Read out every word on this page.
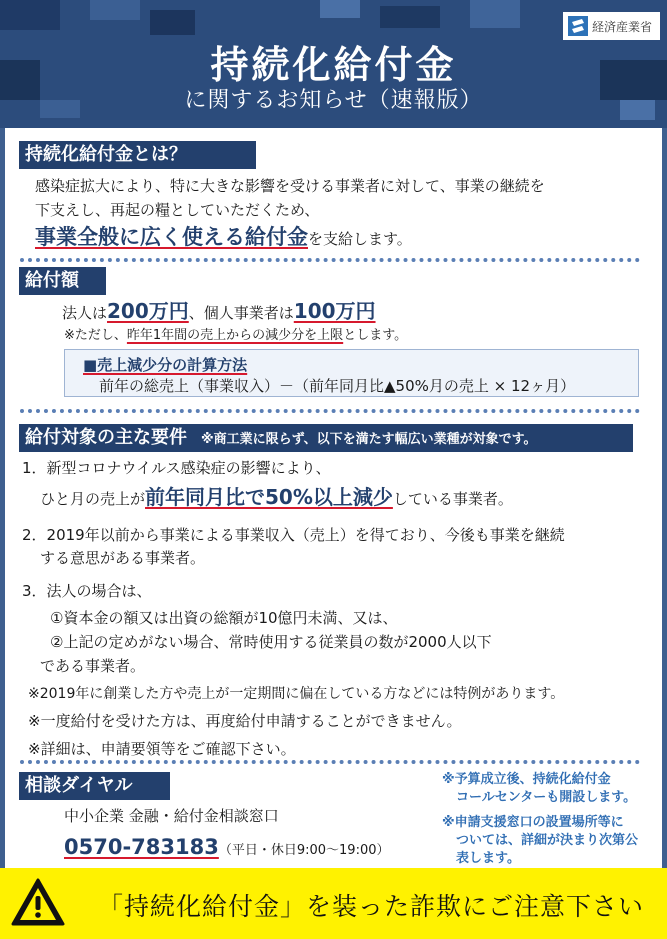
経済産業省
持続化給付金
に関するお知らせ（速報版）
持続化給付金とは？
感染症拡大により、特に大きな影響を受ける事業者に対して、事業の継続を
下支えし、再起の糧としていただくため、
事業全般に広く使える給付金を支給します。
給付額
法人は200万円、個人事業者は100万円
※ただし、昨年1年間の売上からの減少分を上限とします。
■売上減少分の計算方法
前年の総売上（事業収入）－（前年同月比▲50%月の売上 × 12ヶ月）
給付対象の主な要件 ※商工業に限らず、以下を満たす幅広い業種が対象です。
1．新型コロナウイルス感染症の影響により、
ひと月の売上が前年同月比で50%以上減少している事業者。
2．2019年以前から事業による事業収入（売上）を得ており、今後も事業を継続
する意思がある事業者。
3．法人の場合は、
①資本金の額又は出資の総額が10億円未満、又は、
②上記の定めがない場合、常時使用する従業員の数が2000人以下
である事業者。
※2019年に創業した方や売上が一定期間に偏在している方などには特例があります。
※一度給付を受けた方は、再度給付申請することができません。
※詳細は、申請要領等をご確認下さい。
相談ダイヤル
中小企業 金融・給付金相談窓口
0570-783183（平日・休日9:00～19:00）
※予算成立後、持続化給付金
コールセンターも開設します。
※申請支援窓口の設置場所等に
ついては、詳細が決まり次第公
表します。
「持続化給付金」を装った詐欺にご注意下さい
